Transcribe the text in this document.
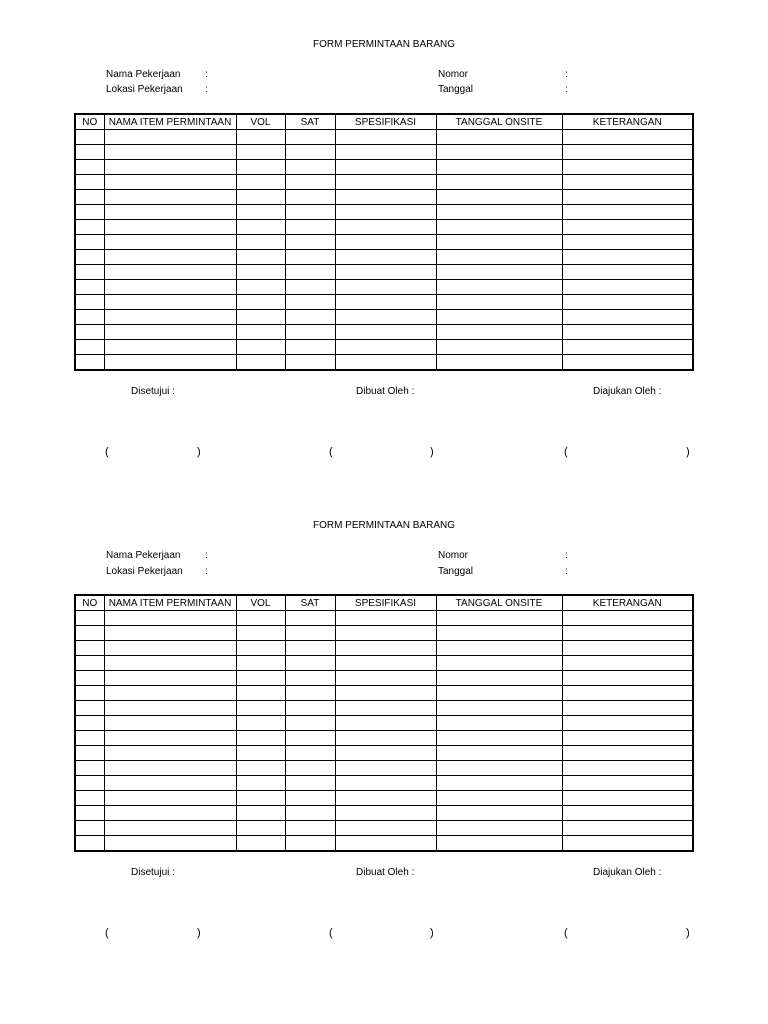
FORM PERMINTAAN BARANG
Nama Pekerjaan :
Lokasi Pekerjaan :
Nomor	:
Tanggal	:
NO	NAMA ITEM PERMINTAAN	VOL	SAT	SPESIFIKASI	TANGGAL ONSITE	KETERANGAN

Disetujui :	Dibuat Oleh :	Diajukan Oleh :
(	)	(	)	(	)
FORM PERMINTAAN BARANG
Nama Pekerjaan :
Lokasi Pekerjaan :
Nomor	:
Tanggal	:
NO	NAMA ITEM PERMINTAAN	VOL	SAT	SPESIFIKASI	TANGGAL ONSITE	KETERANGAN

Disetujui :	Dibuat Oleh :	Diajukan Oleh :
(	)	(	)	(	)
